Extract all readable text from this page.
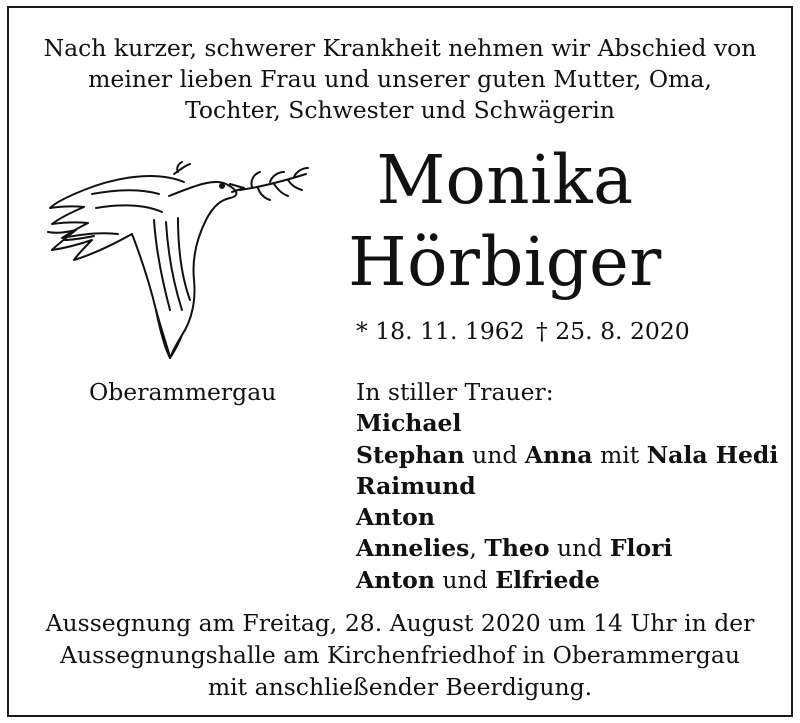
Nach kurzer, schwerer Krankheit nehmen wir Abschied von
meiner lieben Frau und unserer guten Mutter, Oma,
Tochter, Schwester und Schwägerin
Monika
Hörbiger
* 18. 11. 1962 † 25. 8. 2020
Oberammergau	In stiller Trauer:
Michael
Stephan und Anna mit Nala Hedi
Raimund
Anton
Annelies, Theo und Flori
Anton und Elfriede
Aussegnung am Freitag, 28. August 2020 um 14 Uhr in der
Aussegnungshalle am Kirchenfriedhof in Oberammergau
mit anschließender Beerdigung.
